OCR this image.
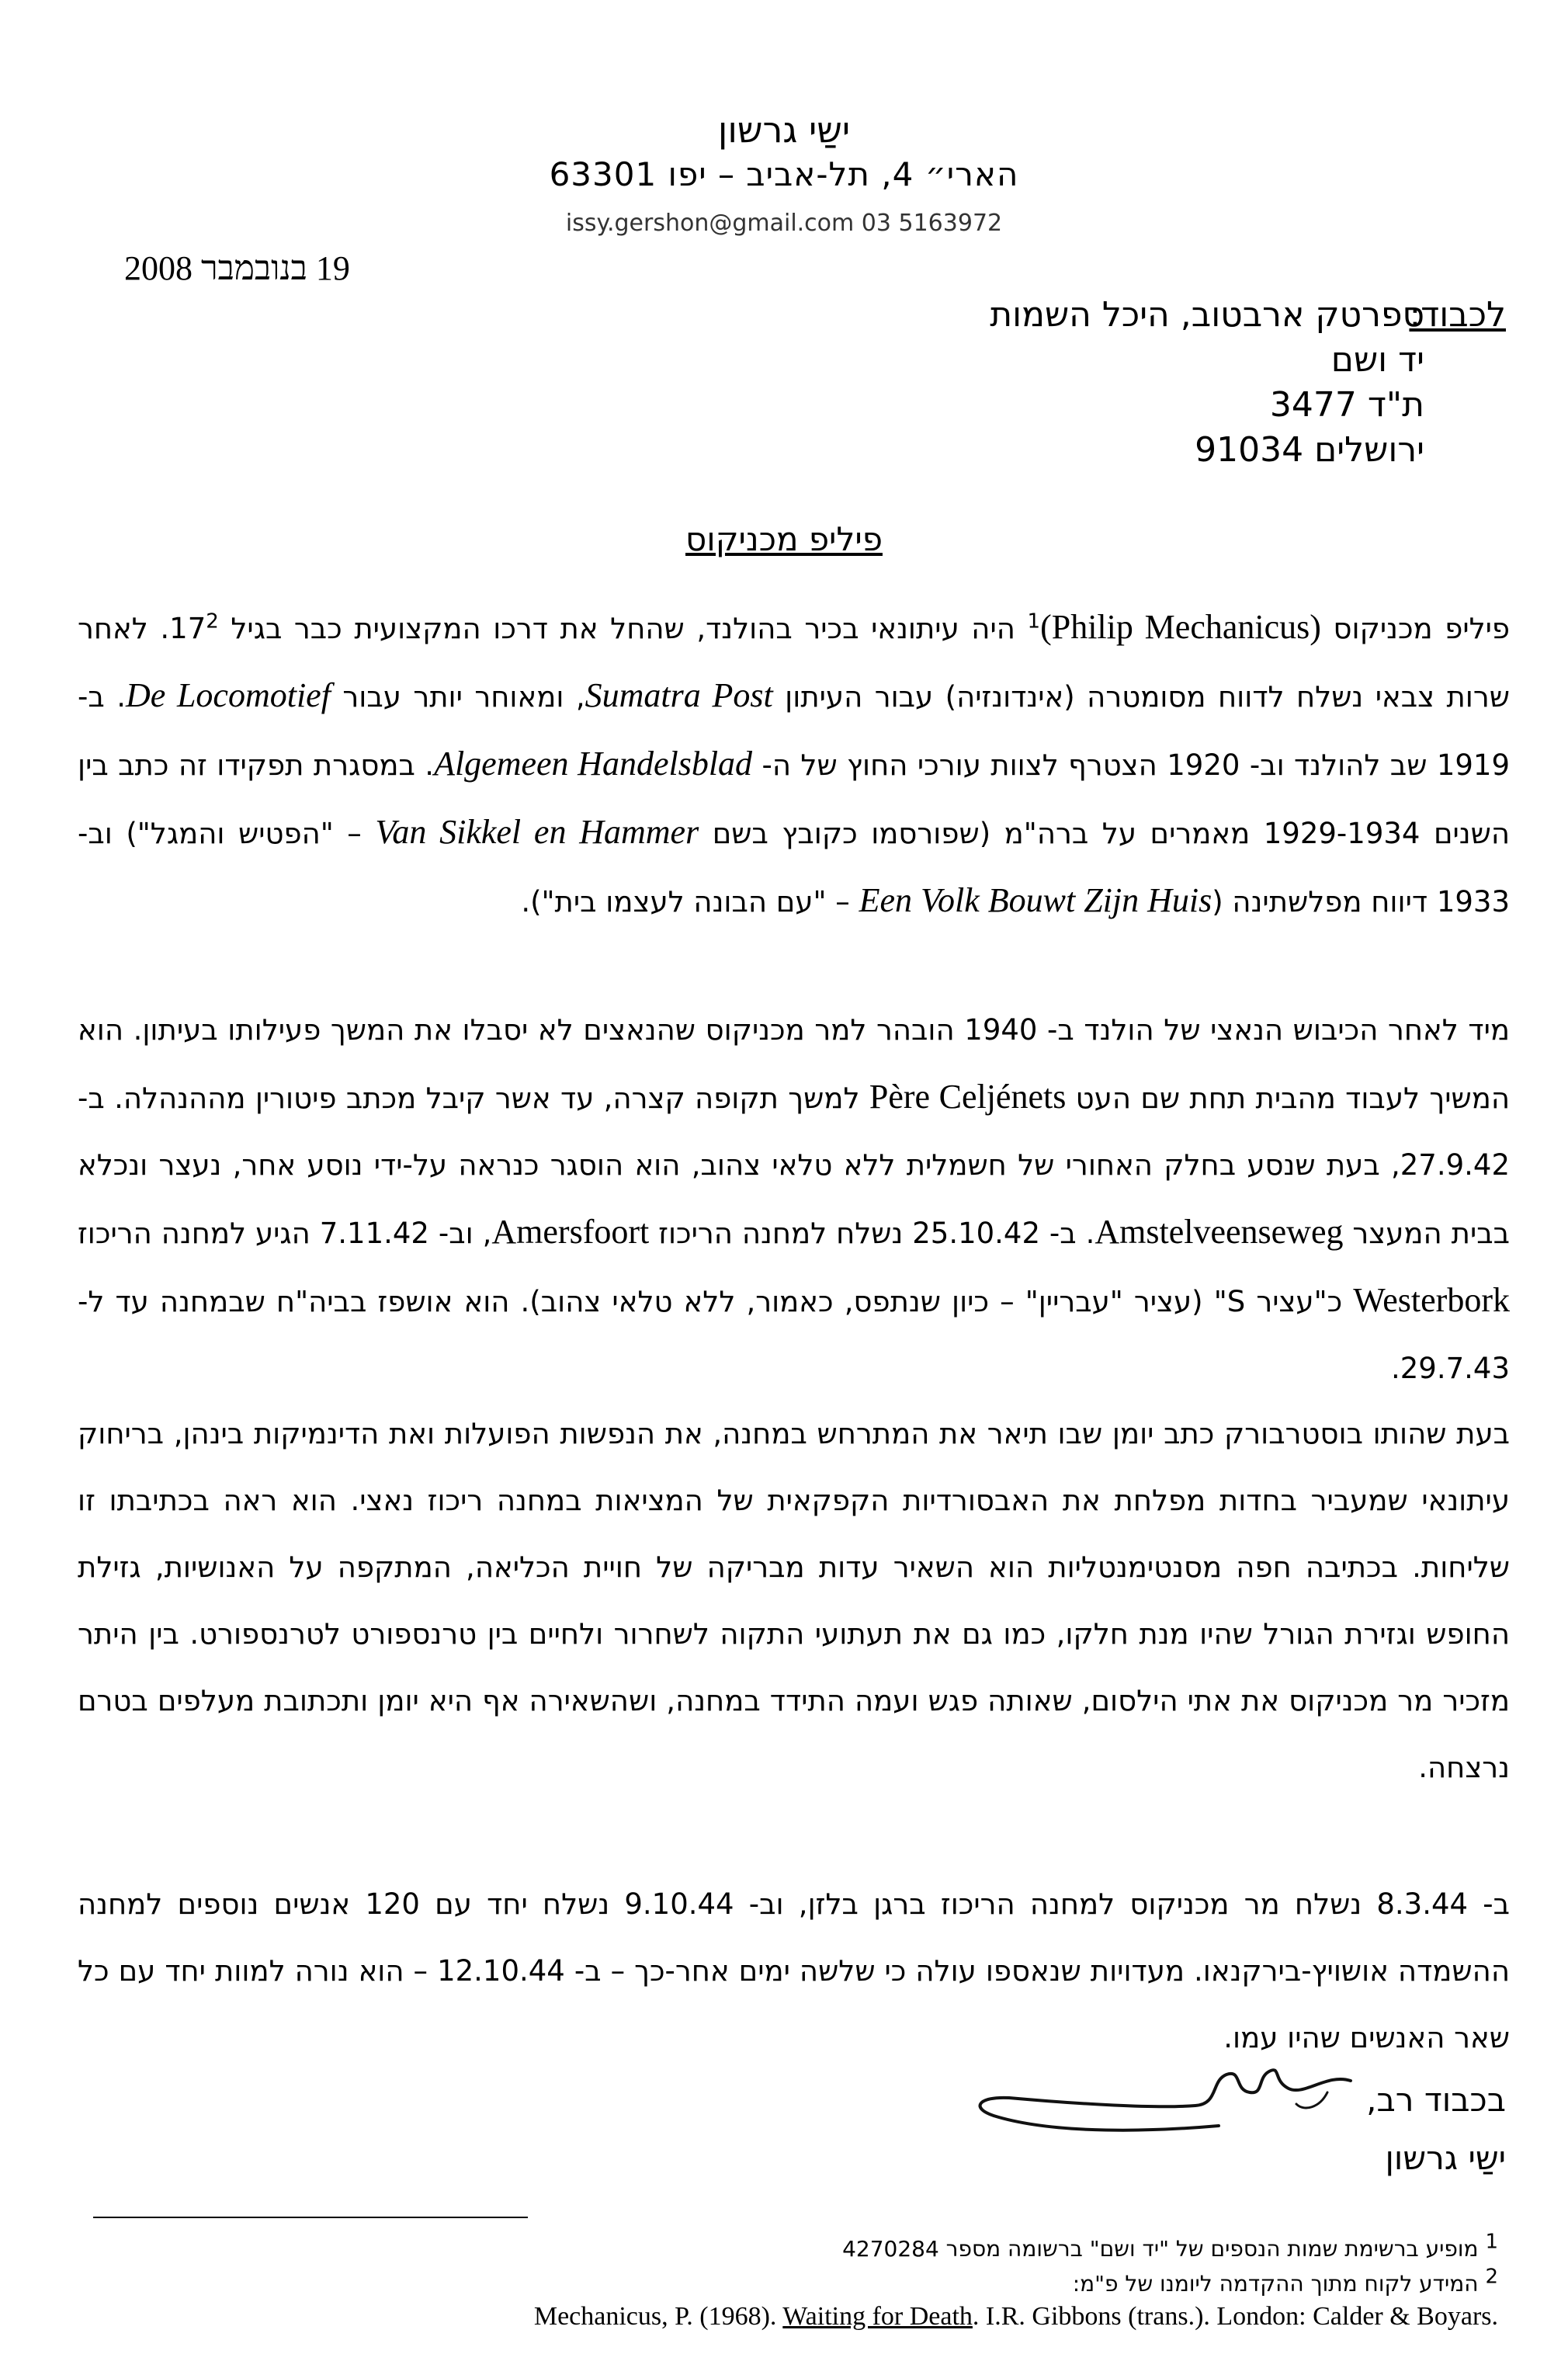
ישַי גרשון
הארי״ 4, תל-אביב – יפו 63301
issy.gershon@gmail.com 03 5163972
19 בנובמבר 2008
לכבוד:
ספרטק ארבטוב, היכל השמות
יד ושם
ת"ד 3477
ירושלים 91034
פיליפ מכניקוס
פיליפ מכניקוס (Philip Mechanicus)$^1$ היה עיתונאי בכיר בהולנד, שהחל את דרכו המקצועית כבר בגיל $17^2$. לאחר שרות צבאי נשלח לדווח מסומטרה (אינדונזיה) עבור העיתון Sumatra Post, ומאוחר יותר עבור De Locomotief. ב- 1919 שב להולנד וב- 1920 הצטרף לצוות עורכי החוץ של ה- Algemeen Handelsblad. במסגרת תפקידו זה כתב בין השנים 1929-1934 מאמרים על ברה"מ (שפורסמו כקובץ בשם Van Sikkel en Hammer – "הפטיש והמגל") וב- 1933 דיווח מפלשתינה (Een Volk Bouwt Zijn Huis – "עם הבונה לעצמו בית").
מיד לאחר הכיבוש הנאצי של הולנד ב- 1940 הובהר למר מכניקוס שהנאצים לא יסבלו את המשך פעילותו בעיתון. הוא המשיך לעבוד מהבית תחת שם העט Père Celjénets למשך תקופה קצרה, עד אשר קיבל מכתב פיטורין מההנהלה. ב- 27.9.42, בעת שנסע בחלק האחורי של חשמלית ללא טלאי צהוב, הוא הוסגר כנראה על-ידי נוסע אחר, נעצר ונכלא בבית המעצר Amstelveenseweg. ב- 25.10.42 נשלח למחנה הריכוז Amersfoort, וב- 7.11.42 הגיע למחנה הריכוז Westerbork כ"עציר S" (עציר "עבריין" – כיון שנתפס, כאמור, ללא טלאי צהוב). הוא אושפז בביה"ח שבמחנה עד ל- 29.7.43.
בעת שהותו בוסטרבורק כתב יומן שבו תיאר את המתרחש במחנה, את הנפשות הפועלות ואת הדינמיקות בינהן, בריחוק עיתונאי שמעביר בחדות מפלחת את האבסורדיות הקפקאית של המציאות במחנה ריכוז נאצי. הוא ראה בכתיבתו זו שליחות. בכתיבה חפה מסנטימנטליות הוא השאיר עדות מבריקה של חויית הכליאה, המתקפה על האנושיות, גזילת החופש וגזירת הגורל שהיו מנת חלקו, כמו גם את תעתועי התקוה לשחרור ולחיים בין טרנספורט לטרנספורט. בין היתר מזכיר מר מכניקוס את אתי הילסום, שאותה פגש ועמה התידד במחנה, ושהשאירה אף היא יומן ותכתובת מעלפים בטרם נרצחה.
ב- 8.3.44 נשלח מר מכניקוס למחנה הריכוז ברגן בלזן, וב- 9.10.44 נשלח יחד עם 120 אנשים נוספים למחנה ההשמדה אושויץ-בירקנאו. מעדויות שנאספו עולה כי שלשה ימים אחר-כך – ב- 12.10.44 – הוא נורה למוות יחד עם כל שאר האנשים שהיו עמו.
בכבוד רב,
ישַי גרשון
$^1$ מופיע ברשימת שמות הנספים של "יד ושם" ברשומה מספר 4270284
$^2$ המידע לקוח מתוך ההקדמה ליומנו של פ"מ:
Mechanicus, P. (1968). Waiting for Death. I.R. Gibbons (trans.). London: Calder & Boyars.
